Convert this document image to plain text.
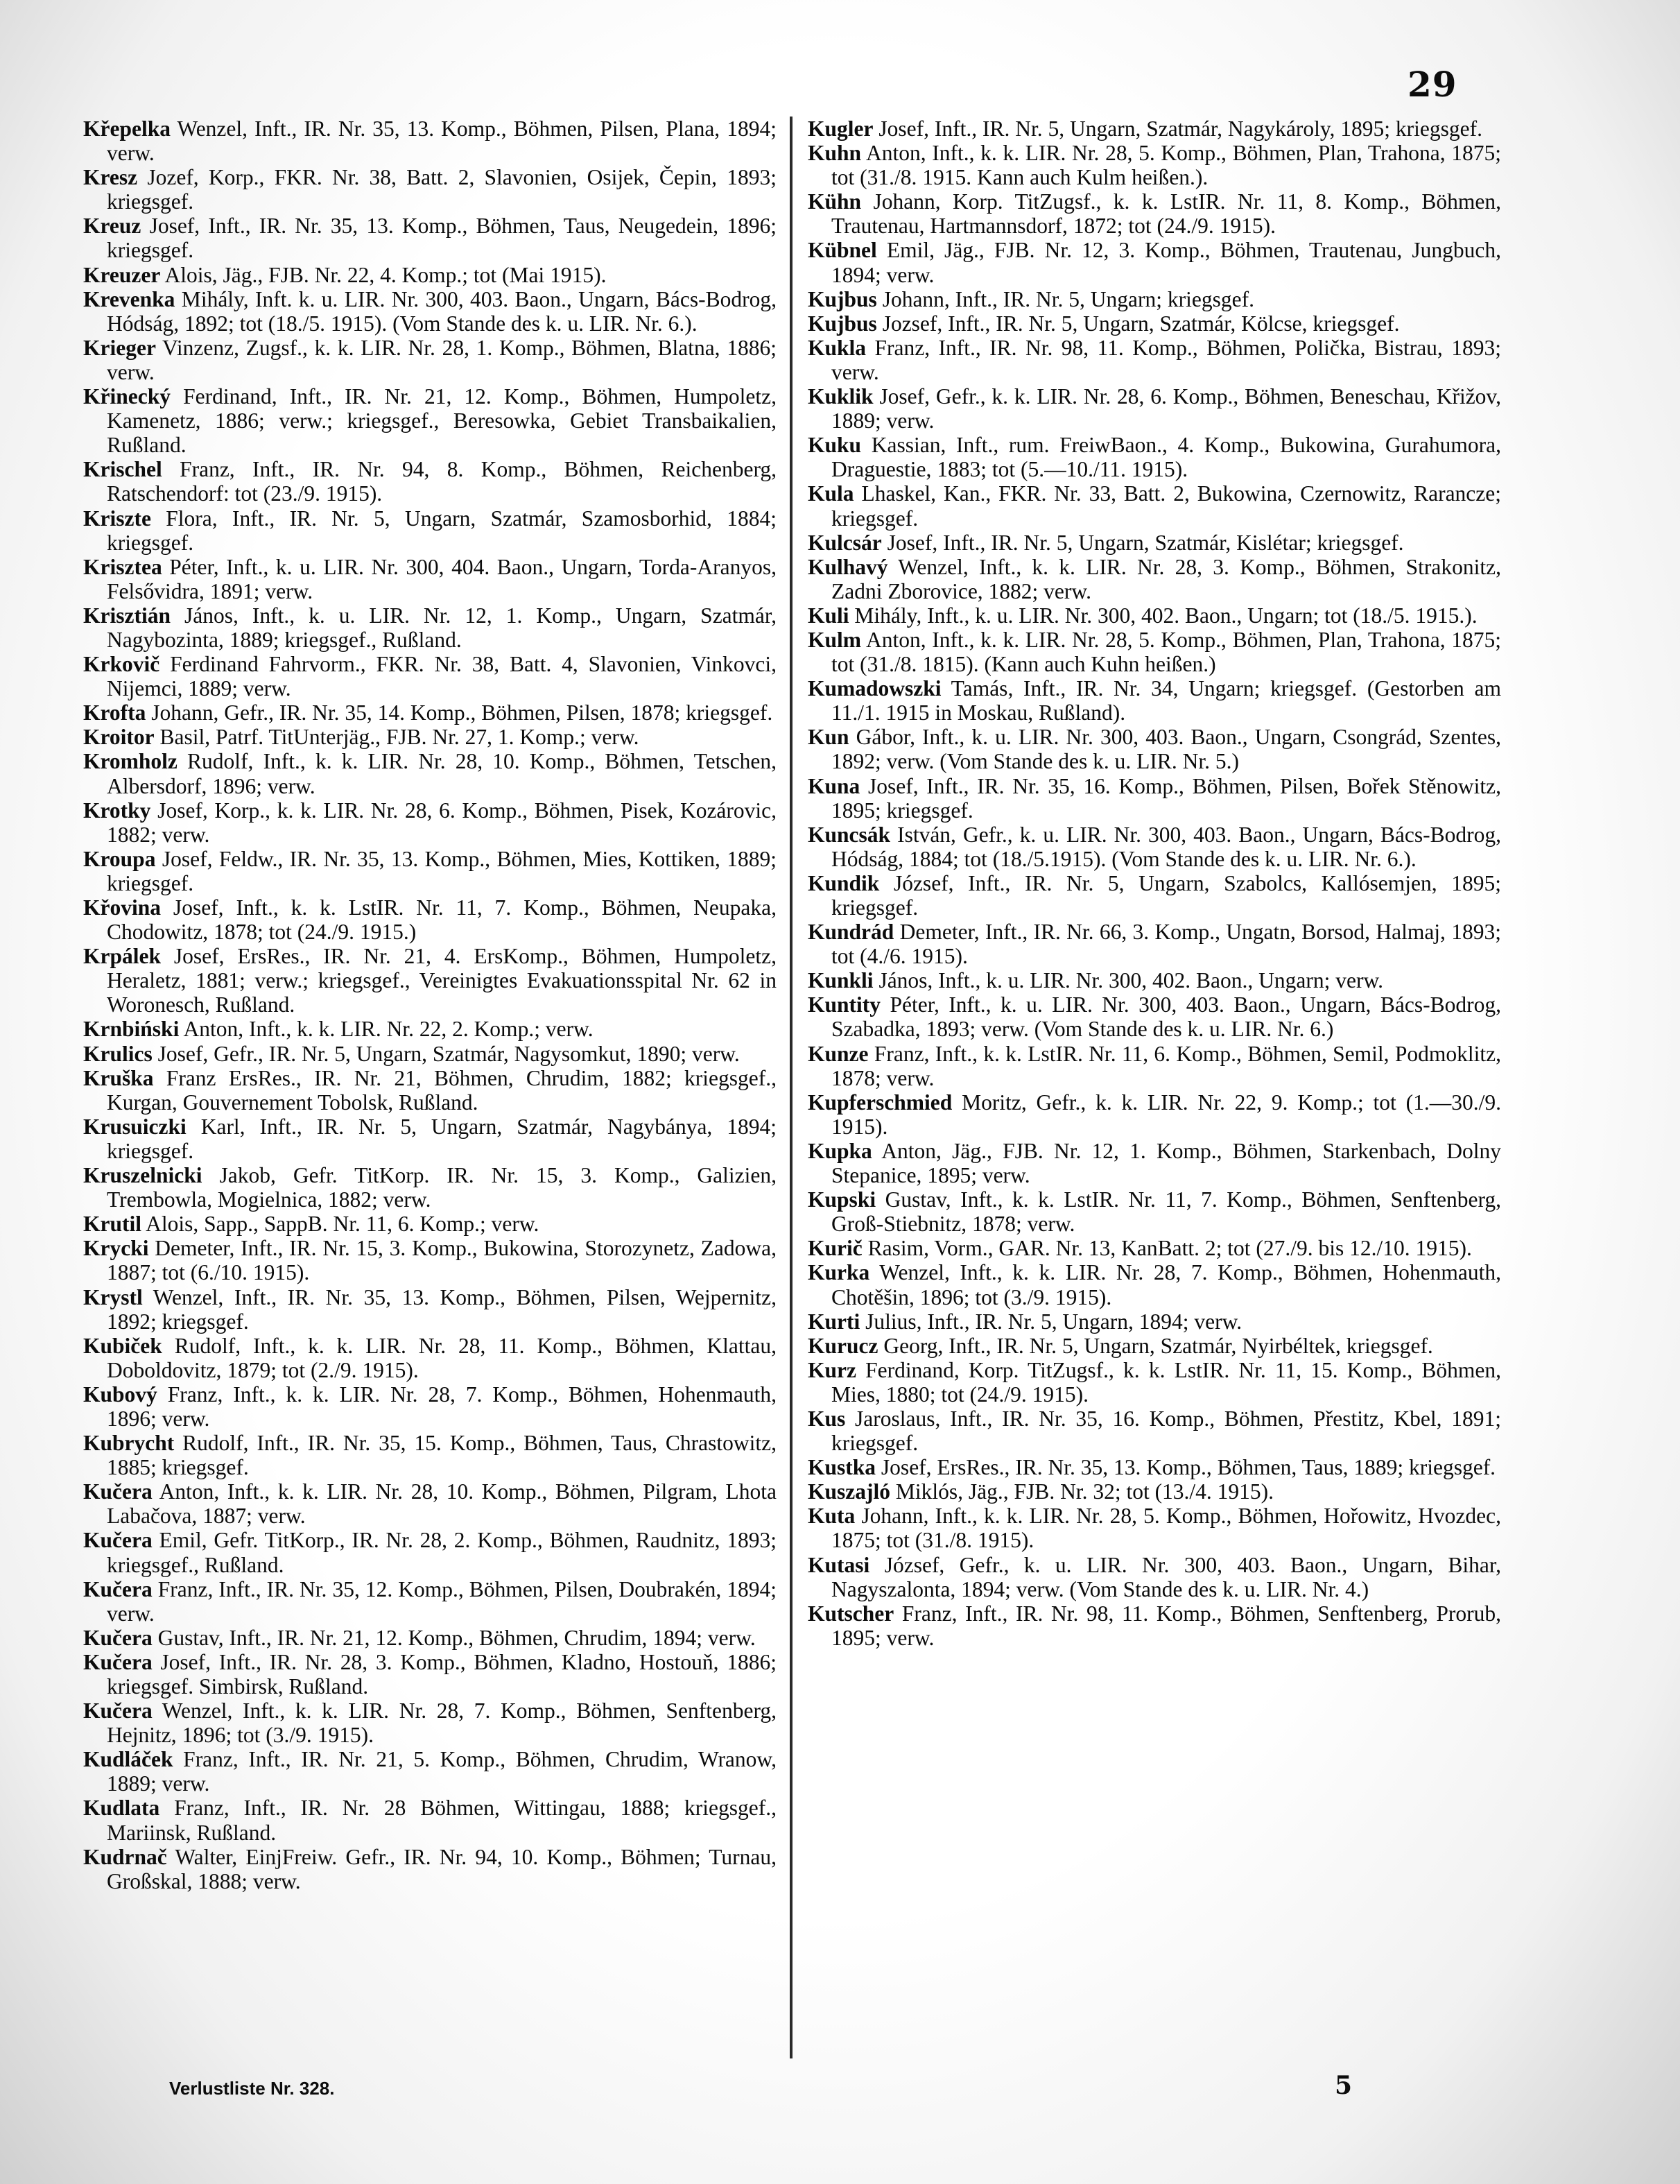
29

Křepelka Wenzel, Inft., IR. Nr. 35, 13. Komp., Böhmen, Pilsen, Plana, 1894; verw.

Kresz Jozef, Korp., FKR. Nr. 38, Batt. 2, Slavonien, Osijek, Čepin, 1893; kriegsgef.

Kreuz Josef, Inft., IR. Nr. 35, 13. Komp., Böhmen, Taus, Neugedein, 1896; kriegsgef.

Kreuzer Alois, Jäg., FJB. Nr. 22, 4. Komp.; tot (Mai 1915).

Krevenka Mihály, Inft. k. u. LIR. Nr. 300, 403. Baon., Ungarn, Bács-Bodrog, Hódság, 1892; tot (18./5. 1915). (Vom Stande des k. u. LIR. Nr. 6.).

Krieger Vinzenz, Zugsf., k. k. LIR. Nr. 28, 1. Komp., Böhmen, Blatna, 1886; verw.

Křinecký Ferdinand, Inft., IR. Nr. 21, 12. Komp., Böhmen, Humpoletz, Kamenetz, 1886; verw.; kriegsgef., Beresowka, Gebiet Transbaikalien, Rußland.

Krischel Franz, Inft., IR. Nr. 94, 8. Komp., Böhmen, Reichenberg, Ratschendorf: tot (23./9. 1915).

Kriszte Flora, Inft., IR. Nr. 5, Ungarn, Szatmár, Szamosborhid, 1884; kriegsgef.

Krisztea Péter, Inft., k. u. LIR. Nr. 300, 404. Baon., Ungarn, Torda-Aranyos, Felsővidra, 1891; verw.

Krisztián János, Inft., k. u. LIR. Nr. 12, 1. Komp., Ungarn, Szatmár, Nagybozinta, 1889; kriegsgef., Rußland.

Krkovič Ferdinand Fahrvorm., FKR. Nr. 38, Batt. 4, Slavonien, Vinkovci, Nijemci, 1889; verw.

Krofta Johann, Gefr., IR. Nr. 35, 14. Komp., Böhmen, Pilsen, 1878; kriegsgef.

Kroitor Basil, Patrf. TitUnterjäg., FJB. Nr. 27, 1. Komp.; verw.

Kromholz Rudolf, Inft., k. k. LIR. Nr. 28, 10. Komp., Böhmen, Tetschen, Albersdorf, 1896; verw.

Krotky Josef, Korp., k. k. LIR. Nr. 28, 6. Komp., Böhmen, Pisek, Kozárovic, 1882; verw.

Kroupa Josef, Feldw., IR. Nr. 35, 13. Komp., Böhmen, Mies, Kottiken, 1889; kriegsgef.

Křovina Josef, Inft., k. k. LstIR. Nr. 11, 7. Komp., Böhmen, Neupaka, Chodowitz, 1878; tot (24./9. 1915.)

Krpálek Josef, ErsRes., IR. Nr. 21, 4. ErsKomp., Böhmen, Humpoletz, Heraletz, 1881; verw.; kriegsgef., Vereinigtes Evakuationsspital Nr. 62 in Woronesch, Rußland.

Krnbiński Anton, Inft., k. k. LIR. Nr. 22, 2. Komp.; verw.

Krulics Josef, Gefr., IR. Nr. 5, Ungarn, Szatmár, Nagysomkut, 1890; verw.

Kruška Franz ErsRes., IR. Nr. 21, Böhmen, Chrudim, 1882; kriegsgef., Kurgan, Gouvernement Tobolsk, Rußland.

Krusuiczki Karl, Inft., IR. Nr. 5, Ungarn, Szatmár, Nagybánya, 1894; kriegsgef.

Kruszelnicki Jakob, Gefr. TitKorp. IR. Nr. 15, 3. Komp., Galizien, Trembowla, Mogielnica, 1882; verw.

Krutil Alois, Sapp., SappB. Nr. 11, 6. Komp.; verw.

Krycki Demeter, Inft., IR. Nr. 15, 3. Komp., Bukowina, Storozynetz, Zadowa, 1887; tot (6./10. 1915).

Krystl Wenzel, Inft., IR. Nr. 35, 13. Komp., Böhmen, Pilsen, Wejpernitz, 1892; kriegsgef.

Kubiček Rudolf, Inft., k. k. LIR. Nr. 28, 11. Komp., Böhmen, Klattau, Doboldovitz, 1879; tot (2./9. 1915).

Kubový Franz, Inft., k. k. LIR. Nr. 28, 7. Komp., Böhmen, Hohenmauth, 1896; verw.

Kubrycht Rudolf, Inft., IR. Nr. 35, 15. Komp., Böhmen, Taus, Chrastowitz, 1885; kriegsgef.

Kučera Anton, Inft., k. k. LIR. Nr. 28, 10. Komp., Böhmen, Pilgram, Lhota Labačova, 1887; verw.

Kučera Emil, Gefr. TitKorp., IR. Nr. 28, 2. Komp., Böhmen, Raudnitz, 1893; kriegsgef., Rußland.

Kučera Franz, Inft., IR. Nr. 35, 12. Komp., Böhmen, Pilsen, Doubrakén, 1894; verw.

Kučera Gustav, Inft., IR. Nr. 21, 12. Komp., Böhmen, Chrudim, 1894; verw.

Kučera Josef, Inft., IR. Nr. 28, 3. Komp., Böhmen, Kladno, Hostouň, 1886; kriegsgef. Simbirsk, Rußland.

Kučera Wenzel, Inft., k. k. LIR. Nr. 28, 7. Komp., Böhmen, Senftenberg, Hejnitz, 1896; tot (3./9. 1915).

Kudláček Franz, Inft., IR. Nr. 21, 5. Komp., Böhmen, Chrudim, Wranow, 1889; verw.

Kudlata Franz, Inft., IR. Nr. 28 Böhmen, Wittingau, 1888; kriegsgef., Mariinsk, Rußland.

Kudrnač Walter, EinjFreiw. Gefr., IR. Nr. 94, 10. Komp., Böhmen; Turnau, Großskal, 1888; verw.

Kugler Josef, Inft., IR. Nr. 5, Ungarn, Szatmár, Nagykároly, 1895; kriegsgef.

Kuhn Anton, Inft., k. k. LIR. Nr. 28, 5. Komp., Böhmen, Plan, Trahona, 1875; tot (31./8. 1915. Kann auch Kulm heißen.).

Kühn Johann, Korp. TitZugsf., k. k. LstIR. Nr. 11, 8. Komp., Böhmen, Trautenau, Hartmannsdorf, 1872; tot (24./9. 1915).

Kübnel Emil, Jäg., FJB. Nr. 12, 3. Komp., Böhmen, Trautenau, Jungbuch, 1894; verw.

Kujbus Johann, Inft., IR. Nr. 5, Ungarn; kriegsgef.

Kujbus Jozsef, Inft., IR. Nr. 5, Ungarn, Szatmár, Kölcse, kriegsgef.

Kukla Franz, Inft., IR. Nr. 98, 11. Komp., Böhmen, Polička, Bistrau, 1893; verw.

Kuklik Josef, Gefr., k. k. LIR. Nr. 28, 6. Komp., Böhmen, Beneschau, Křižov, 1889; verw.

Kuku Kassian, Inft., rum. FreiwBaon., 4. Komp., Bukowina, Gurahumora, Draguestie, 1883; tot (5.—10./11. 1915).

Kula Lhaskel, Kan., FKR. Nr. 33, Batt. 2, Bukowina, Czernowitz, Rarancze; kriegsgef.

Kulcsár Josef, Inft., IR. Nr. 5, Ungarn, Szatmár, Kislétar; kriegsgef.

Kulhavý Wenzel, Inft., k. k. LIR. Nr. 28, 3. Komp., Böhmen, Strakonitz, Zadni Zborovice, 1882; verw.

Kuli Mihály, Inft., k. u. LIR. Nr. 300, 402. Baon., Ungarn; tot (18./5. 1915.).

Kulm Anton, Inft., k. k. LIR. Nr. 28, 5. Komp., Böhmen, Plan, Trahona, 1875; tot (31./8. 1815). (Kann auch Kuhn heißen.)

Kumadowszki Tamás, Inft., IR. Nr. 34, Ungarn; kriegsgef. (Gestorben am 11./1. 1915 in Moskau, Rußland).

Kun Gábor, Inft., k. u. LIR. Nr. 300, 403. Baon., Ungarn, Csongrád, Szentes, 1892; verw. (Vom Stande des k. u. LIR. Nr. 5.)

Kuna Josef, Inft., IR. Nr. 35, 16. Komp., Böhmen, Pilsen, Bořek Stěnowitz, 1895; kriegsgef.

Kuncsák István, Gefr., k. u. LIR. Nr. 300, 403. Baon., Ungarn, Bács-Bodrog, Hódság, 1884; tot (18./5.1915). (Vom Stande des k. u. LIR. Nr. 6.).

Kundik József, Inft., IR. Nr. 5, Ungarn, Szabolcs, Kallósemjen, 1895; kriegsgef.

Kundrád Demeter, Inft., IR. Nr. 66, 3. Komp., Ungatn, Borsod, Halmaj, 1893; tot (4./6. 1915).

Kunkli János, Inft., k. u. LIR. Nr. 300, 402. Baon., Ungarn; verw.

Kuntity Péter, Inft., k. u. LIR. Nr. 300, 403. Baon., Ungarn, Bács-Bodrog, Szabadka, 1893; verw. (Vom Stande des k. u. LIR. Nr. 6.)

Kunze Franz, Inft., k. k. LstIR. Nr. 11, 6. Komp., Böhmen, Semil, Podmoklitz, 1878; verw.

Kupferschmied Moritz, Gefr., k. k. LIR. Nr. 22, 9. Komp.; tot (1.—30./9. 1915).

Kupka Anton, Jäg., FJB. Nr. 12, 1. Komp., Böhmen, Starkenbach, Dolny Stepanice, 1895; verw.

Kupski Gustav, Inft., k. k. LstIR. Nr. 11, 7. Komp., Böhmen, Senftenberg, Groß-Stiebnitz, 1878; verw.

Kurič Rasim, Vorm., GAR. Nr. 13, KanBatt. 2; tot (27./9. bis 12./10. 1915).

Kurka Wenzel, Inft., k. k. LIR. Nr. 28, 7. Komp., Böhmen, Hohenmauth, Chotěšin, 1896; tot (3./9. 1915).

Kurti Julius, Inft., IR. Nr. 5, Ungarn, 1894; verw.

Kurucz Georg, Inft., IR. Nr. 5, Ungarn, Szatmár, Nyirbéltek, kriegsgef.

Kurz Ferdinand, Korp. TitZugsf., k. k. LstIR. Nr. 11, 15. Komp., Böhmen, Mies, 1880; tot (24./9. 1915).

Kus Jaroslaus, Inft., IR. Nr. 35, 16. Komp., Böhmen, Přestitz, Kbel, 1891; kriegsgef.

Kustka Josef, ErsRes., IR. Nr. 35, 13. Komp., Böhmen, Taus, 1889; kriegsgef.

Kuszajló Miklós, Jäg., FJB. Nr. 32; tot (13./4. 1915).

Kuta Johann, Inft., k. k. LIR. Nr. 28, 5. Komp., Böhmen, Hořowitz, Hvozdec, 1875; tot (31./8. 1915).

Kutasi József, Gefr., k. u. LIR. Nr. 300, 403. Baon., Ungarn, Bihar, Nagyszalonta, 1894; verw. (Vom Stande des k. u. LIR. Nr. 4.)

Kutscher Franz, Inft., IR. Nr. 98, 11. Komp., Böhmen, Senftenberg, Prorub, 1895; verw.

Verlustliste Nr. 328.	5
